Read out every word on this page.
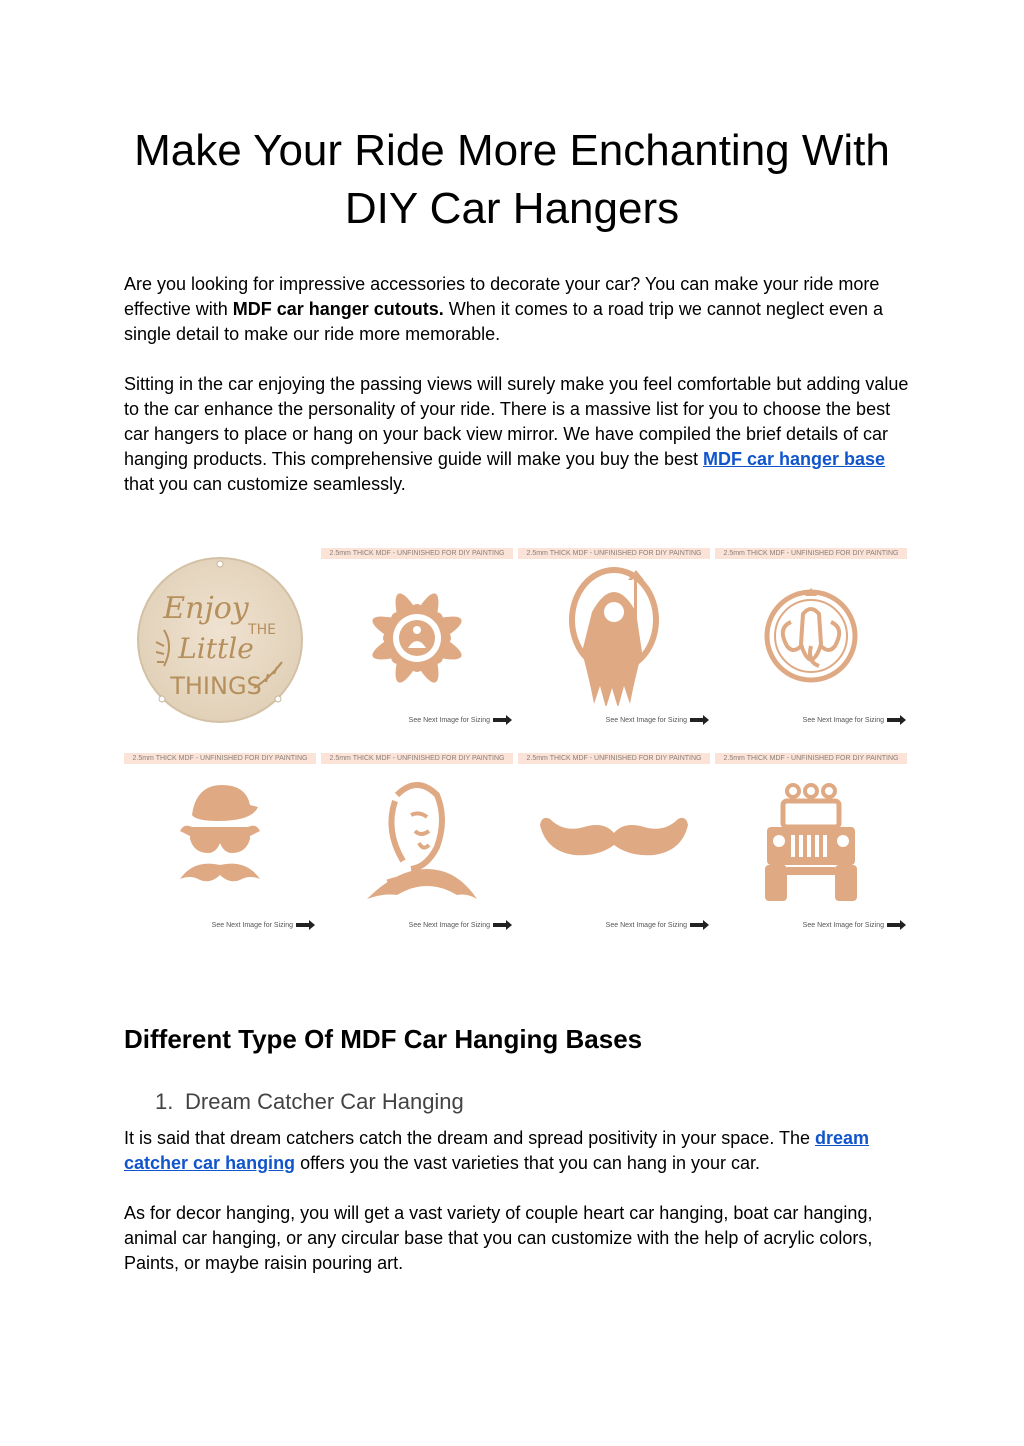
Make Your Ride More Enchanting With DIY Car Hangers

Are you looking for impressive accessories to decorate your car? You can make your ride more effective with MDF car hanger cutouts. When it comes to a road trip we cannot neglect even a single detail to make our ride more memorable.

Sitting in the car enjoying the passing views will surely make you feel comfortable but adding value to the car enhance the personality of your ride. There is a massive list for you to choose the best car hangers to place or hang on your back view mirror. We have compiled the brief details of car hanging products. This comprehensive guide will make you buy the best MDF car hanger base that you can customize seamlessly.

Enjoy
THE
Little
THINGS
2.5mm THICK MDF - UNFINISHED FOR DIY PAINTING
See Next Image for Sizing
2.5mm THICK MDF - UNFINISHED FOR DIY PAINTING
See Next Image for Sizing
2.5mm THICK MDF - UNFINISHED FOR DIY PAINTING
See Next Image for Sizing
2.5mm THICK MDF - UNFINISHED FOR DIY PAINTING
See Next Image for Sizing
2.5mm THICK MDF - UNFINISHED FOR DIY PAINTING
See Next Image for Sizing
2.5mm THICK MDF - UNFINISHED FOR DIY PAINTING
See Next Image for Sizing
2.5mm THICK MDF - UNFINISHED FOR DIY PAINTING
See Next Image for Sizing
Different Type Of MDF Car Hanging Bases
1. Dream Catcher Car Hanging

It is said that dream catchers catch the dream and spread positivity in your space. The dream catcher car hanging offers you the vast varieties that you can hang in your car.

As for decor hanging, you will get a vast variety of couple heart car hanging, boat car hanging, animal car hanging, or any circular base that you can customize with the help of acrylic colors, Paints, or maybe raisin pouring art.
